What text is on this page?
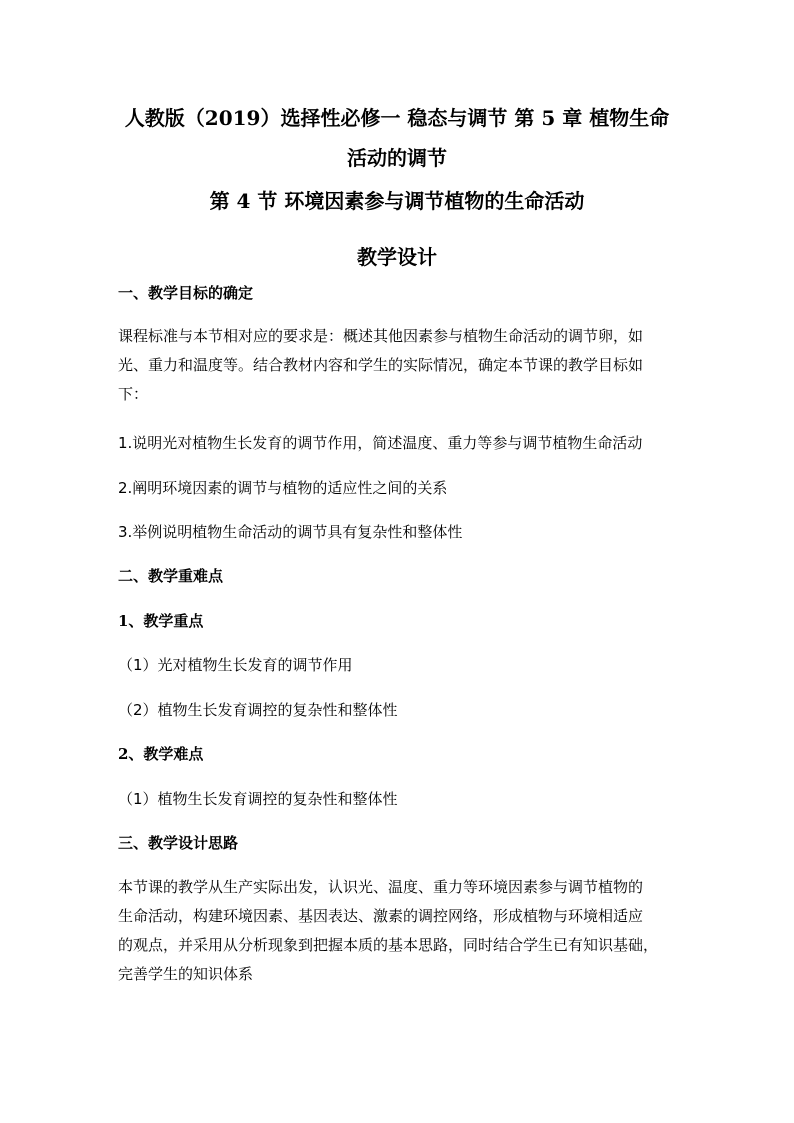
人教版（2019）选择性必修一 稳态与调节 第 5 章 植物生命
活动的调节
第 4 节 环境因素参与调节植物的生命活动
教学设计
一、教学目标的确定
课程标准与本节相对应的要求是：概述其他因素参与植物生命活动的调节卵，如
光、重力和温度等。结合教材内容和学生的实际情况，确定本节课的教学目标如
下：
1.说明光对植物生长发育的调节作用，简述温度、重力等参与调节植物生命活动
2.阐明环境因素的调节与植物的适应性之间的关系
3.举例说明植物生命活动的调节具有复杂性和整体性
二、教学重难点
1、教学重点
（1）光对植物生长发育的调节作用
（2）植物生长发育调控的复杂性和整体性
2、教学难点
（1）植物生长发育调控的复杂性和整体性
三、教学设计思路
本节课的教学从生产实际出发，认识光、温度、重力等环境因素参与调节植物的
生命活动，构建环境因素、基因表达、激素的调控网络，形成植物与环境相适应
的观点，并采用从分析现象到把握本质的基本思路，同时结合学生已有知识基础，
完善学生的知识体系
